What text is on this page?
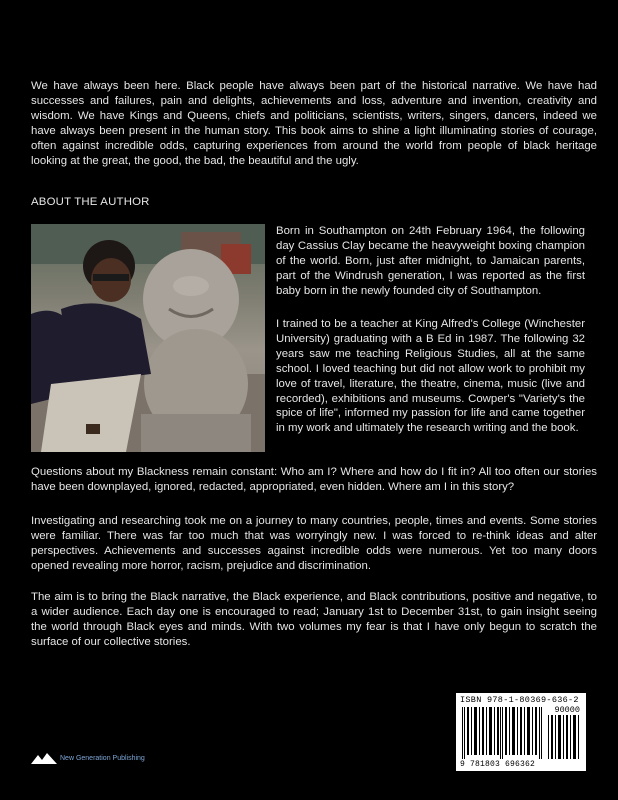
We have always been here. Black people have always been part of the historical narrative. We have had successes and failures, pain and delights, achievements and loss, adventure and invention, creativity and wisdom. We have Kings and Queens, chiefs and politicians, scientists, writers, singers, dancers, indeed we have always been present in the human story. This book aims to shine a light illuminating stories of courage, often against incredible odds, capturing experiences from around the world from people of black heritage looking at the great, the good, the bad, the beautiful and the ugly.

ABOUT THE AUTHOR

Born in Southampton on 24th February 1964, the following day Cassius Clay became the heavyweight boxing champion of the world. Born, just after midnight, to Jamaican parents, part of the Windrush generation, I was reported as the first baby born in the newly founded city of Southampton.

I trained to be a teacher at King Alfred's College (Winchester University) graduating with a B Ed in 1987. The following 32 years saw me teaching Religious Studies, all at the same school. I loved teaching but did not allow work to prohibit my love of travel, literature, the theatre, cinema, music (live and recorded), exhibitions and museums. Cowper's "Variety's the spice of life", informed my passion for life and came together in my work and ultimately the research writing and the book.

Questions about my Blackness remain constant: Who am I? Where and how do I fit in? All too often our stories have been downplayed, ignored, redacted, appropriated, even hidden. Where am I in this story?

Investigating and researching took me on a journey to many countries, people, times and events. Some stories were familiar. There was far too much that was worryingly new. I was forced to re-think ideas and alter perspectives. Achievements and successes against incredible odds were numerous. Yet too many doors opened revealing more horror, racism, prejudice and discrimination.

The aim is to bring the Black narrative, the Black experience, and Black contributions, positive and negative, to a wider audience. Each day one is encouraged to read; January 1st to December 31st, to gain insight seeing the world through Black eyes and minds. With two volumes my fear is that I have only begun to scratch the surface of our collective stories.

ISBN 978-1-80369-636-2
90000
9 781803 696362
New Generation Publishing
